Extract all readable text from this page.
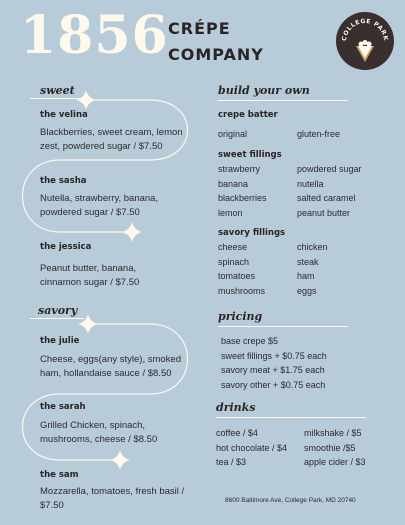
1856 CRÉPE
COMPANY
COLLEGE PARK
sweet
the velina
Blackberries, sweet cream, lemon zest, powdered sugar / $7.50
the sasha
Nutella, strawberry, banana, powdered sugar / $7.50
the jessica
Peanut butter, banana, cinnamon sugar / $7.50
savory
the julie
Cheese, eggs(any style), smoked ham, hollandaise sauce / $8.50
the sarah
Grilled Chicken, spinach, mushrooms, cheese / $8.50
the sam
Mozzarella, tomatoes, fresh basil / $7.50
build your own
crepe batter
original	gluten-free
sweet fillings
strawberry
banana
blackberries
lemon
powdered sugar
nutella
salted caramel
peanut butter
savory fillings
cheese
spinach
tomatoes
mushrooms
chicken
steak
ham
eggs
pricing
base crepe $5
sweet fillings + $0.75 each
savory meat + $1.75 each
savory other + $0.75 each
drinks
coffee / $4
hot chocolate / $4
tea / $3
milkshake / $5
smoothie /$5
apple cider / $3
8600 Baltimore Ave, College Park, MD 20740
